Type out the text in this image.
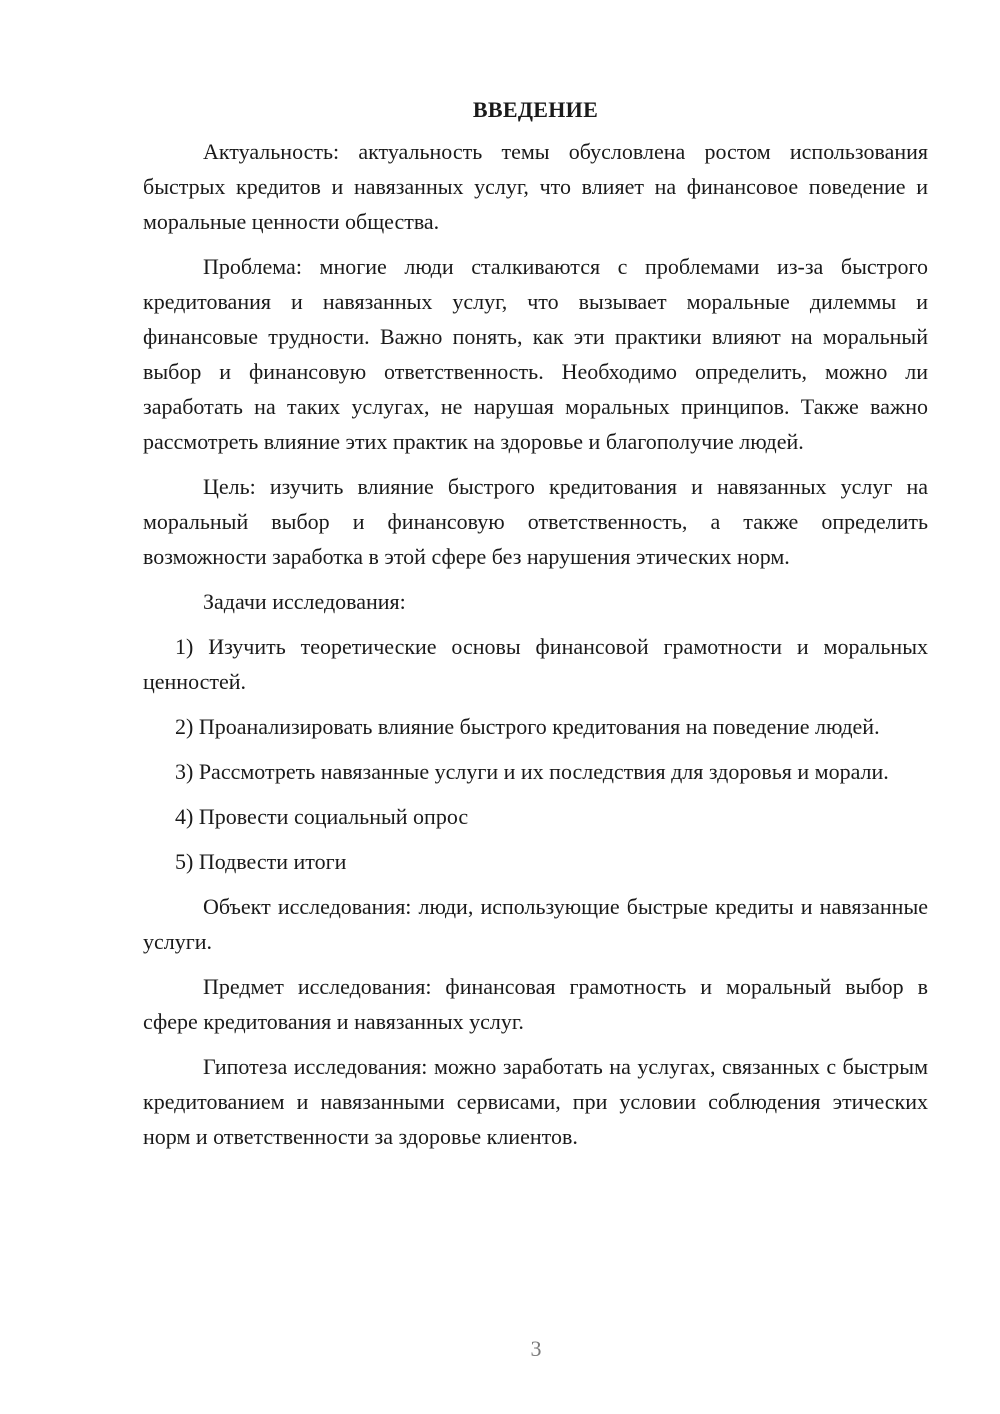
ВВЕДЕНИЕ

Актуальность: актуальность темы обусловлена ростом использования быстрых кредитов и навязанных услуг, что влияет на финансовое поведение и моральные ценности общества.

Проблема: многие люди сталкиваются с проблемами из-за быстрого кредитования и навязанных услуг, что вызывает моральные дилеммы и финансовые трудности. Важно понять, как эти практики влияют на моральный выбор и финансовую ответственность. Необходимо определить, можно ли заработать на таких услугах, не нарушая моральных принципов. Также важно рассмотреть влияние этих практик на здоровье и благополучие людей.

Цель: изучить влияние быстрого кредитования и навязанных услуг на моральный выбор и финансовую ответственность, а также определить возможности заработка в этой сфере без нарушения этических норм.

Задачи исследования:

1) Изучить теоретические основы финансовой грамотности и моральных ценностей.

2) Проанализировать влияние быстрого кредитования на поведение людей.

3) Рассмотреть навязанные услуги и их последствия для здоровья и морали.

4) Провести социальный опрос

5) Подвести итоги

Объект исследования: люди, использующие быстрые кредиты и навязанные услуги.

Предмет исследования: финансовая грамотность и моральный выбор в сфере кредитования и навязанных услуг.

Гипотеза исследования: можно заработать на услугах, связанных с быстрым кредитованием и навязанными сервисами, при условии соблюдения этических норм и ответственности за здоровье клиентов.

3
